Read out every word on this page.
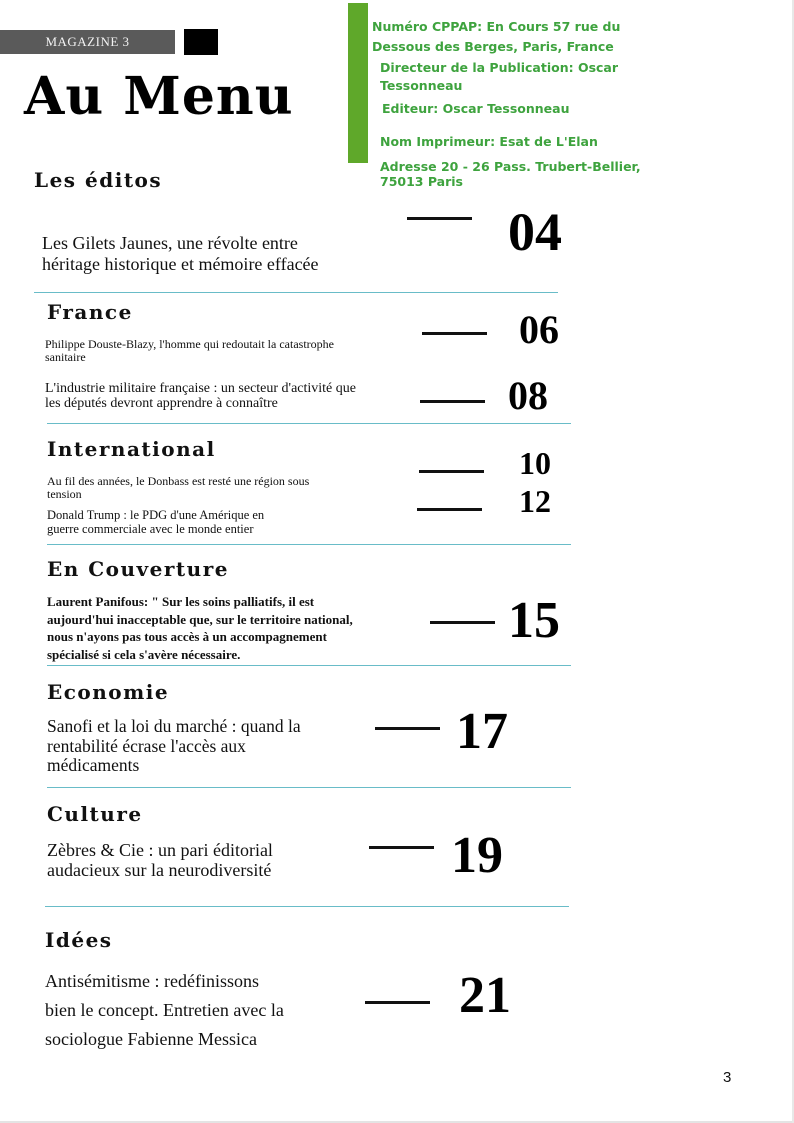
MAGAZINE 3
Au Menu
Numéro CPPAP: En Cours 57 rue du
Dessous des Berges, Paris, France
Directeur de la Publication: Oscar
Tessonneau
Editeur: Oscar Tessonneau
Nom Imprimeur: Esat de L'Elan
Adresse 20 - 26 Pass. Trubert-Bellier,
75013 Paris
Les éditos
Les Gilets Jaunes, une révolte entre
héritage historique et mémoire effacée
04
France
Philippe Douste-Blazy, l'homme qui redoutait la catastrophe
sanitaire
06
L'industrie militaire française : un secteur d'activité que
les députés devront apprendre à connaître	08
International
Au fil des années, le Donbass est resté une région sous
tension
10
Donald Trump : le PDG d'une Amérique en
guerre commerciale avec le monde entier
12
En Couverture
Laurent Panifous: " Sur les soins palliatifs, il est
aujourd'hui inacceptable que, sur le territoire national,
nous n'ayons pas tous accès à un accompagnement
spécialisé si cela s'avère nécessaire.
15
Economie
Sanofi et la loi du marché : quand la
rentabilité écrase l'accès aux
médicaments
17
Culture
Zèbres & Cie : un pari éditorial
audacieux sur la neurodiversité	19
Idées
Antisémitisme : redéfinissons
bien le concept. Entretien avec la
sociologue Fabienne Messica
21
3
